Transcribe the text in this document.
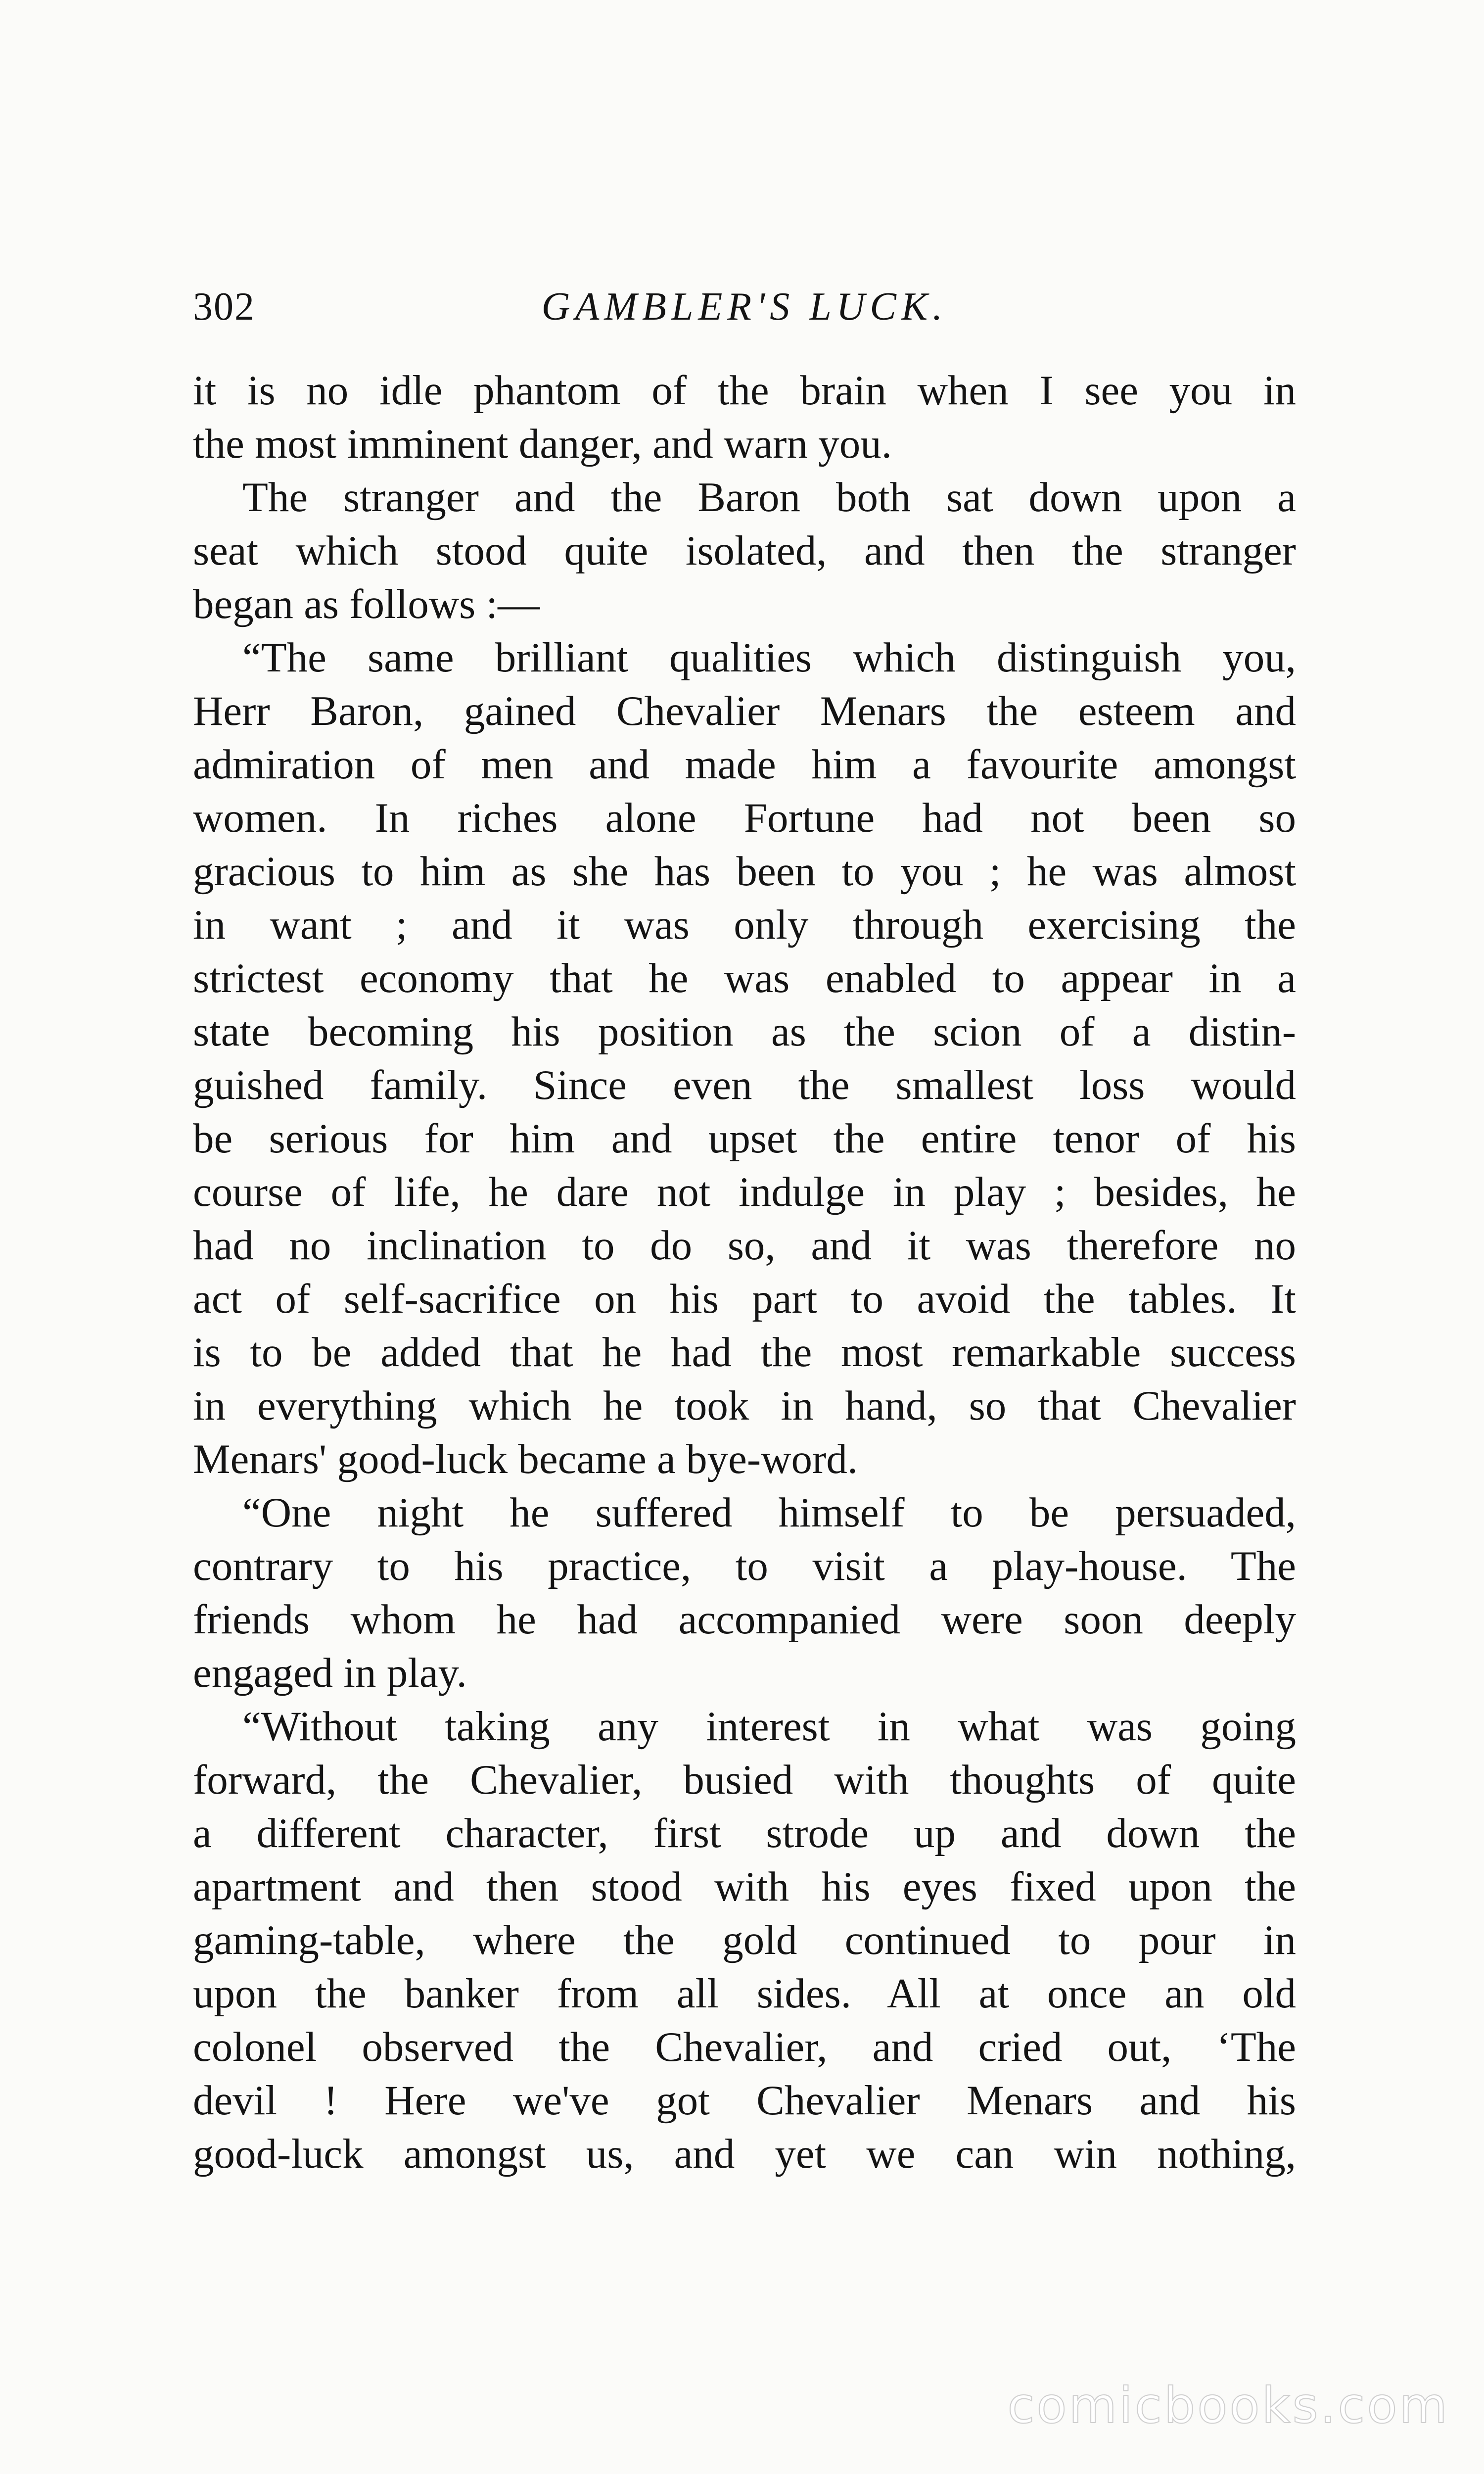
302	GAMBLER'S LUCK.
it is no idle phantom of the brain when I see you in
the most imminent danger, and warn you.
The stranger and the Baron both sat down upon a
seat which stood quite isolated, and then the stranger
began as follows :—
“The same brilliant qualities which distinguish you,
Herr Baron, gained Chevalier Menars the esteem and
admiration of men and made him a favourite amongst
women. In riches alone Fortune had not been so
gracious to him as she has been to you ; he was almost
in want ; and it was only through exercising the
strictest economy that he was enabled to appear in a
state becoming his position as the scion of a distin-
guished family. Since even the smallest loss would
be serious for him and upset the entire tenor of his
course of life, he dare not indulge in play ; besides, he
had no inclination to do so, and it was therefore no
act of self-sacrifice on his part to avoid the tables. It
is to be added that he had the most remarkable success
in everything which he took in hand, so that Chevalier
Menars' good-luck became a bye-word.
“One night he suffered himself to be persuaded,
contrary to his practice, to visit a play-house. The
friends whom he had accompanied were soon deeply
engaged in play.
“Without taking any interest in what was going
forward, the Chevalier, busied with thoughts of quite
a different character, first strode up and down the
apartment and then stood with his eyes fixed upon the
gaming-table, where the gold continued to pour in
upon the banker from all sides. All at once an old
colonel observed the Chevalier, and cried out, ‘The
devil ! Here we've got Chevalier Menars and his
good-luck amongst us, and yet we can win nothing,
comicbooks.com
